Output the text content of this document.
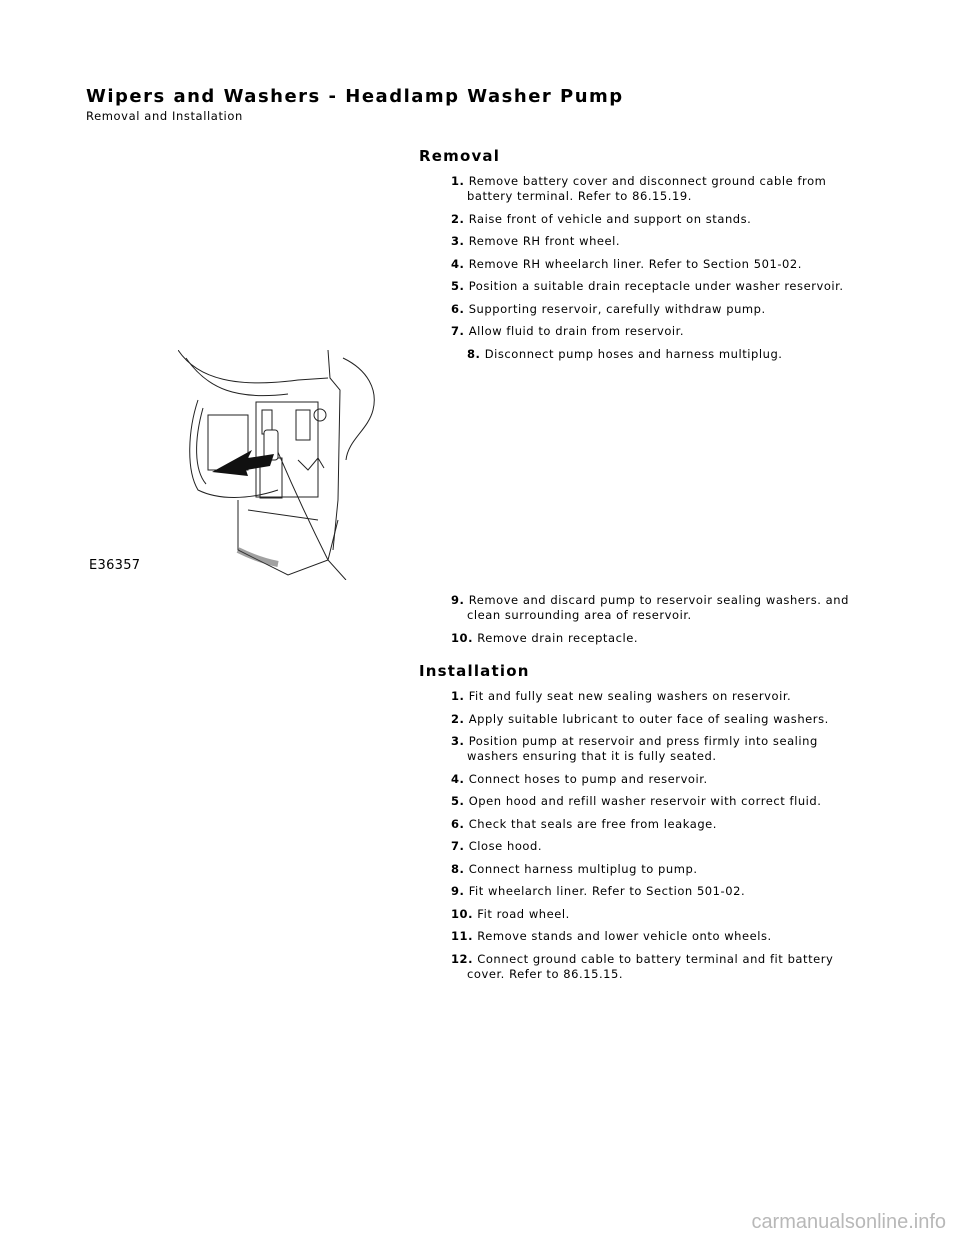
Wipers and Washers - Headlamp Washer Pump
Removal and Installation
Removal
1. Remove battery cover and disconnect ground cable from battery terminal. Refer to 86.15.19.
2. Raise front of vehicle and support on stands.
3. Remove RH front wheel.
4. Remove RH wheelarch liner. Refer to Section 501-02.
5. Position a suitable drain receptacle under washer reservoir.
6. Supporting reservoir, carefully withdraw pump.
7. Allow fluid to drain from reservoir.
8. Disconnect pump hoses and harness multiplug.
E36357
9. Remove and discard pump to reservoir sealing washers. and clean surrounding area of reservoir.
10. Remove drain receptacle.
Installation
1. Fit and fully seat new sealing washers on reservoir.
2. Apply suitable lubricant to outer face of sealing washers.
3. Position pump at reservoir and press firmly into sealing washers ensuring that it is fully seated.
4. Connect hoses to pump and reservoir.
5. Open hood and refill washer reservoir with correct fluid.
6. Check that seals are free from leakage.
7. Close hood.
8. Connect harness multiplug to pump.
9. Fit wheelarch liner. Refer to Section 501-02.
10. Fit road wheel.
11. Remove stands and lower vehicle onto wheels.
12. Connect ground cable to battery terminal and fit battery cover. Refer to 86.15.15.
carmanualsonline.info
